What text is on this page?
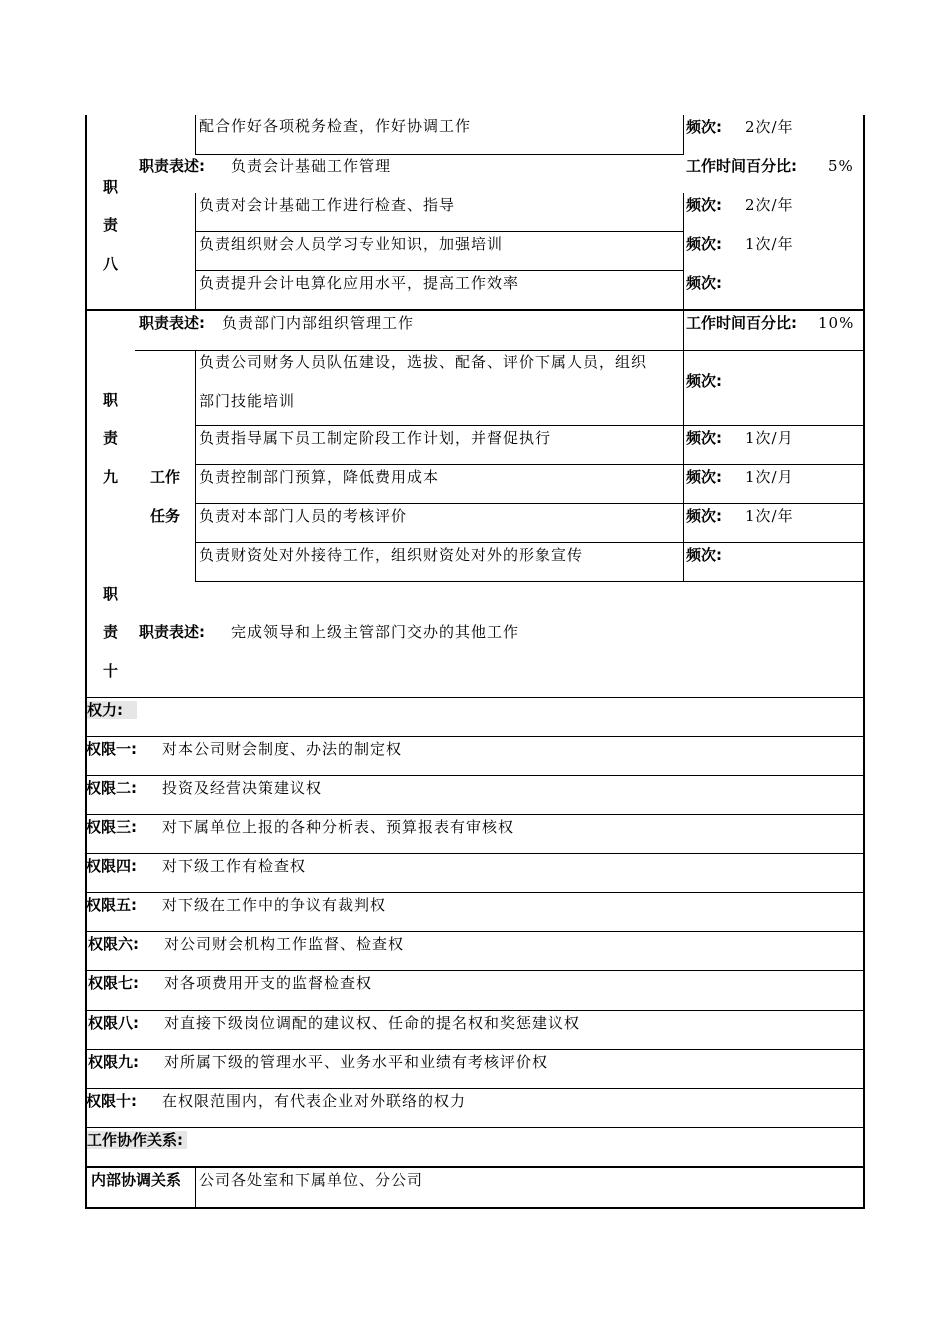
职
责
八
配合作好各项税务检查，作好协调工作	频次: 2次/年
职责表述: 负责会计基础工作管理	工作时间百分比: 5%
负责对会计基础工作进行检查、指导	频次: 2次/年
负责组织财会人员学习专业知识，加强培训	频次: 1次/年
负责提升会计电算化应用水平，提高工作效率	频次:
职
责
九
职责表述: 负责部门内部组织管理工作	工作时间百分比: 10%
工作
任务
负责公司财务人员队伍建设，选拔、配备、评价下属人员，组织
部门技能培训
频次:
负责指导属下员工制定阶段工作计划，并督促执行	频次: 1次/月
负责控制部门预算，降低费用成本	频次: 1次/月
负责对本部门人员的考核评价	频次: 1次/年
负责财资处对外接待工作，组织财资处对外的形象宣传	频次:
职
责
十
职责表述: 完成领导和上级主管部门交办的其他工作
权力:
权限一: 对本公司财会制度、办法的制定权
权限二: 投资及经营决策建议权
权限三: 对下属单位上报的各种分析表、预算报表有审核权
权限四: 对下级工作有检查权
权限五: 对下级在工作中的争议有裁判权
权限六: 对公司财会机构工作监督、检查权
权限七: 对各项费用开支的监督检查权
权限八: 对直接下级岗位调配的建议权、任命的提名权和奖惩建议权
权限九: 对所属下级的管理水平、业务水平和业绩有考核评价权
权限十: 在权限范围内，有代表企业对外联络的权力
工作协作关系:
内部协调关系 公司各处室和下属单位、分公司
